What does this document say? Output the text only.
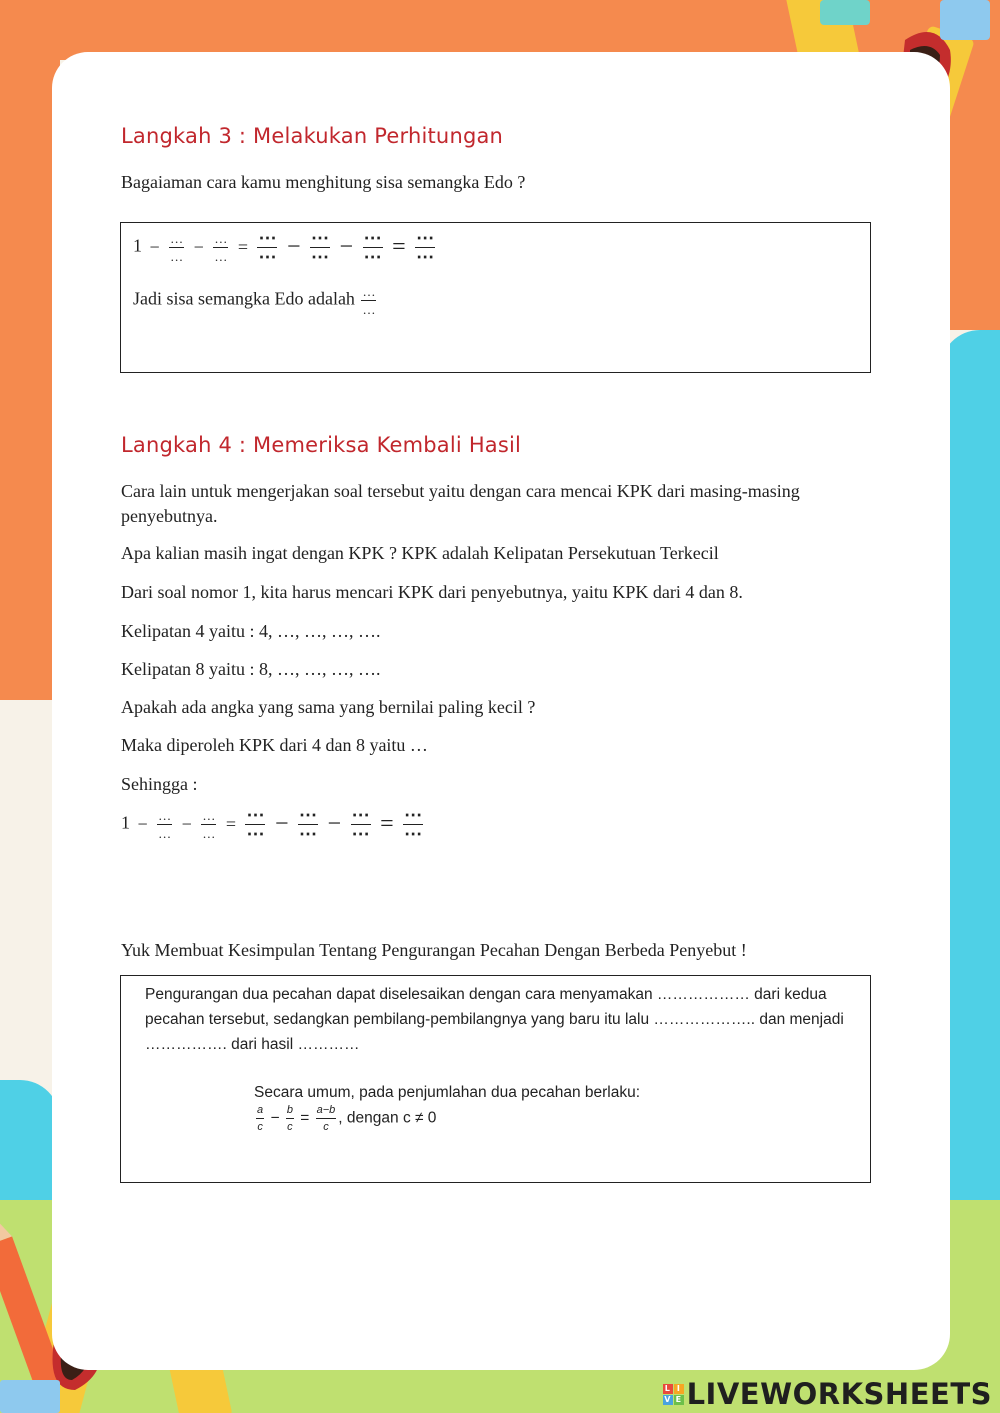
Langkah 3 : Melakukan Perhitungan
Bagaiaman cara kamu menghitung sisa semangka Edo ?
$1 - \frac{\dots}{\dots} - \frac{\dots}{\dots} = \frac{\cdots}{\cdots} - \frac{\cdots}{\cdots} - \frac{\cdots}{\cdots} = \frac{\cdots}{\cdots}$
Jadi sisa semangka Edo adalah $\frac{\dots}{\dots}$
Langkah 4 : Memeriksa Kembali Hasil
Cara lain untuk mengerjakan soal tersebut yaitu dengan cara mencai KPK dari masing-masing penyebutnya.
Apa kalian masih ingat dengan KPK ? KPK adalah Kelipatan Persekutuan Terkecil
Dari soal nomor 1, kita harus mencari KPK dari penyebutnya, yaitu KPK dari 4 dan 8.
Kelipatan 4 yaitu : 4, …, …, …, ….
Kelipatan 8 yaitu : 8, …, …, …, ….
Apakah ada angka yang sama yang bernilai paling kecil ?
Maka diperoleh KPK dari 4 dan 8 yaitu …
Sehingga :
$1 - \frac{\dots}{\dots} - \frac{\dots}{\dots} = \frac{\cdots}{\cdots} - \frac{\cdots}{\cdots} - \frac{\cdots}{\cdots} = \frac{\cdots}{\cdots}$
Yuk Membuat Kesimpulan Tentang Pengurangan Pecahan Dengan Berbeda Penyebut !
Pengurangan dua pecahan dapat diselesaikan dengan cara menyamakan ……………… dari kedua pecahan tersebut, sedangkan pembilang-pembilangnya yang baru itu lalu ……………….. dan menjadi ……………. dari hasil …………
Secara umum, pada penjumlahan dua pecahan berlaku:
$\frac{a}{c} - \frac{b}{c} = \frac{a-b}{c}$ , dengan c ≠ 0
L I
V E LIVEWORKSHEETS
